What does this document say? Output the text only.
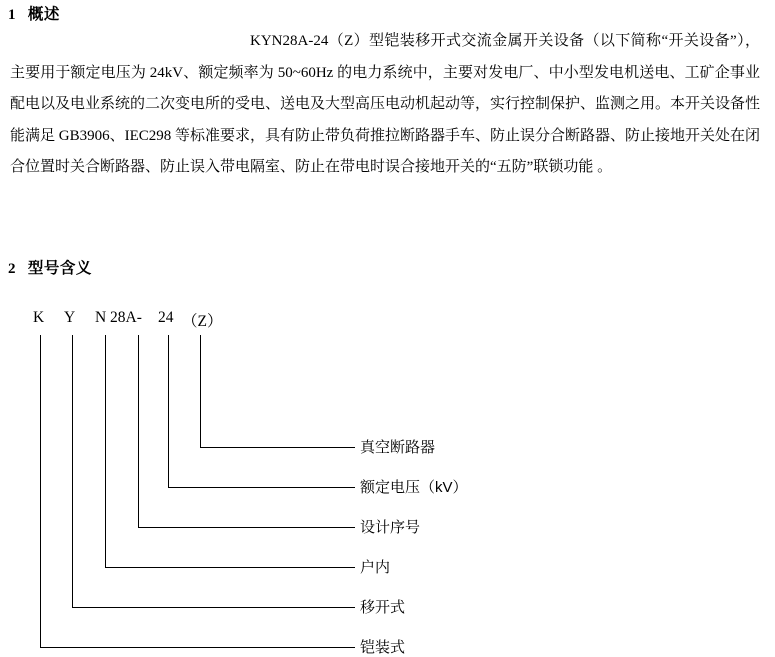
1 概述
KYN28A-24（Z）型铠装移开式交流金属开关设备（以下简称“开关设备”），主要用于额定电压为 24kV、额定频率为 50~60Hz 的电力系统中，主要对发电厂、中小型发电机送电、工矿企事业配电以及电业系统的二次变电所的受电、送电及大型高压电动机起动等，实行控制保护、监测之用。本开关设备性能满足 GB3906、IEC298 等标准要求，具有防止带负荷推拉断路器手车、防止误分合断路器、防止接地开关处在闭合位置时关合断路器、防止误入带电隔室、防止在带电时误合接地开关的“五防”联锁功能 。
2 型号含义
K Y N 28A- 24 （Z）
真空断路器
额定电压（kV）
设计序号
户内
移开式
铠装式
